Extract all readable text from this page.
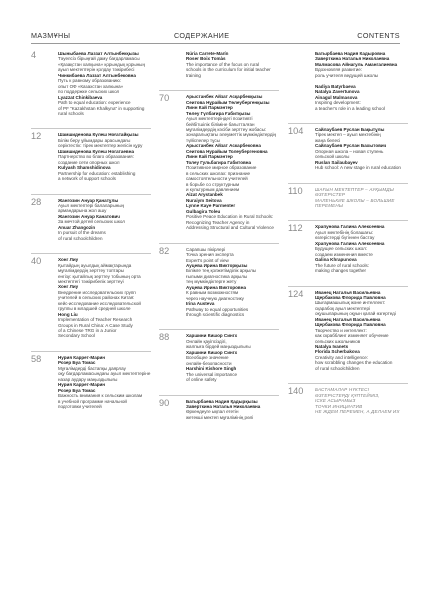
МАЗМҰНЫ	СОДЕРЖАНИЕ	CONTENTS
4	Шыныбаева Лаззат Алтынбекқызы
Тәуелсіз бірыңғай даму бағдарламасы
«Қазақстан халқына» қорындық қорының
ауыл мектептерін қолдау тәжірибесі
Чинкибаева Лаззат Алтынбековна
Путь к равному образованию:
опыт ОФ «Казахстан халкына»
по поддержке сельских школ
Lyazzat Chinkibaeva
Path to equal education: experience
of PF "Kazakhstan Khalkyna" in supporting
rural schools
12	Шамшиденова Күлеш Ноғатайқызы
Білім беру ұйымдары арасындағы
серіктестік: тірек мектептер желісін құру
Шамшиденова Кулеш Ногатаевна
Партнерство во благо образования:
создание сети опорных школ
Kulyash Shamshidinova
Partnership for education: establishing
a network of support schools
28	Жангозин Ануар Қанатұлы
Ауыл мектептері балаларының
армандарына жол ашу
Жангозин Ануар Канатович
За мечтой детей сельских школ
Anuar Zhangozin
In pursuit of the dreams
of rural schoolchildren
40	Хонг Лиу
Қытайдың ауылдық аймақтарында
мұғалімдердің зерттеу топтары
енгізу: қытайлық зерттеу тобының орта
мектептегі тәжірибелік зерттеуі
Хонг Лиу
Внедрение исследовательских групп
учителей в сельских районах Китая:
кейс-исследование исследовательской
группы в младшей средней школе
Hong Liu
Implementation of Teacher Research
Groups in Rural China: A Case Study
of a Chinese TRG in a Junior
Secondary School
58	Нурия Каррет-Марин
Розер Буа Томас
Мұғалімдерді бастапқы даярлау
оқу бағдарламасындағы ауыл мектептеріне
назар аудару маңыздылығы
Нурия Каррет-Марин
Розер Буа Томас
Важность внимания к сельским школам
в учебной программе начальной
подготовки учителей
Núria Carrete-Marín
Roser Boix Tomàs
The importance of the focus on rural
schools in the curriculum for initial teacher
training
70	Арыстанбек Айзат Асқарбекқызы
Сеитова Нұрайым Төлеубергенқызы
Линн Кай Пармэнтер
Төлеу Гүлбағира Ғабитқызы
Ауыл мектептеріндегі позитивті
бейбітшілік біліміне бағытталған
мұғалімдердің кәсіби зерттеу жобасы:
зонаралықтағы әлеуметтік мүмкіндіктердің
түйіспелер тұсы
Арыстанбек Айзат Аскарбековна
Сеитова Нурайым Толеубергеновна
Линн Кай Пармэнтер
Толеу Гульбагира Габитовна
Позитивное мирное образование
в сельских школах: признание
самостоятельности учителей
в борьбе со структурным
и культурным давлением
Aizat Arystanbek
Nuraiym Seitova
Lynne Kaye Parmenter
Gulbagira Toleu
Positive Peace Education in Rural Schools:
Recognizing Teacher Agency in
Addressing Structural and Cultural Violence
82	Сарапшы пікірлері
Точка зрения эксперта
Expert's point of view
Ауцева Ирина Викторқызы
Білімге тең қолжетімділік арқылы
ғылыми диагностика арқылы
тең мүмкіндіктерге жету
Ауцева Ирина Викторовна
К равным возможностям
через научную диагностику
Irina Austeva
Pathway to equal opportunities
through scientific diagnostics
88	Харшини Кишор Сингх
Онлайн қауіпсіздігі,
жалпыға бірдей маңыздылығы
Харшини Кишор Сингх
Всеобщее значение
онлайн-безопасности
Harshini Kishore Singh
The universal importance
of online safety
90	Батырбаева Надия Қадырқызы
Заверткина Наталья Николаевна
Өркендеуге ықпал ететін
жетекші мектеп мұғалімінің рөлі
Батырбаева Надия Кадыровна
Заверткина Наталья Николаевна
Малмасова Айнагуль Амангалиевна
Вдохновляя развитие:
роль учителя ведущей школы

Nadiya Batyrbaeva
Natalya Zavertunova
Ainagul Malmasova
Inspiring development:
a teacher's role in a leading school
104	Сайлаубаев Руслан Бақытұлы
Тірек мектеп – ауыл мектебінің
жаңа белесі
Сайлаубаев Руслан Бахытович
Опорная школа – новая ступень
сельской школы
Ruslan Sailaubayev
Hub school: A new stage in rural education
110	ШАҒЫН МЕКТЕПТЕР – АУҚЫМДЫ
ӨЗГЕРІСТЕР
МАЛЕНЬКИЕ ШКОЛЫ – БОЛЬШИЕ
ПЕРЕМЕНЫ
112	Храпунова Галина Алексеевна
Ауыл мектебінің болашағы:
өзгерістерді бүгіннен бастау
Храпунова Галина Алексеевна
Будущее сельских школ:
создаем изменения вместе
Galina Khrapunova
The future of rural schools:
making changes together
124	Иванец Наталья Васильевна
Щербакова Флорида Павловна
Шығармашылық және интеллект:
сқарабоқ ауыл мектептері
оқушыларының оқуын қалай өзгертеді
Иванец Наталья Васильевна
Щербакова Флорида Павловна
Творчество и интеллект:
как скрабблинг изменяет обучение
сельских школьников
Natalya Ivanets
Florida Scherbakova
Creativity and intelligence:
how scrabbling changes the education
of rural schoolchildren
140	БАСТАМАЛАР НҮКТЕСІ
ӨЗГЕРІСТЕРДІ ҚҰПТЕЙМІЗ,
ІСКЕ АСЫРАМЫЗ
ТОЧКИ ИНИЦИАТИВ
НЕ ЖДЕМ ПЕРЕМЕН, А ДЕЛАЕМ ИХ
